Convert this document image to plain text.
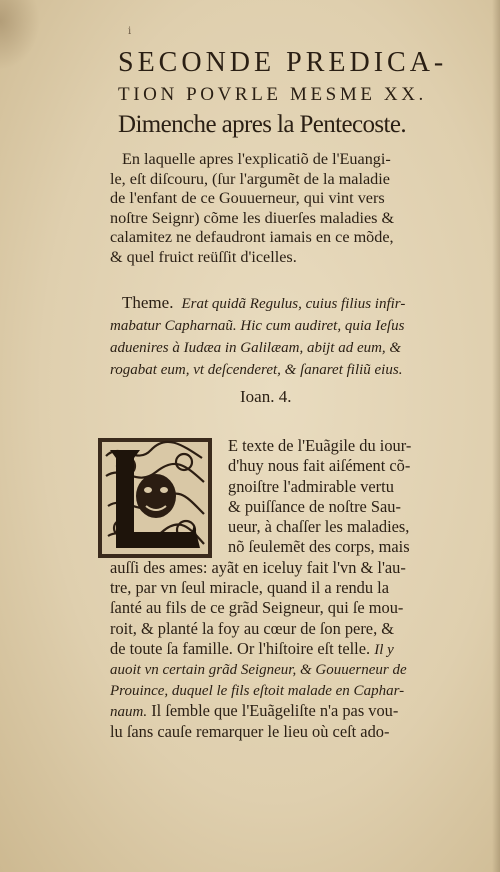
i
SECONDE PREDICA-
TION POVRLE MESME XX.
Dimenche apres la Pentecoste.
En laquelle apres l'explicatiõ de l'Euangi-
le, eſt diſcouru, (ſur l'argumẽt de la maladie
de l'enfant de ce Gouuerneur, qui vint vers
noſtre Seignr) cõme les diuerſes maladies &
calamitez ne defaudront iamais en ce mõde,
& quel fruict reüſſit d'icelles.
Theme. Erat quidã Regulus, cuius filius infir-
mabatur Capharnaũ. Hic cum audiret, quia Ieſus
aduenires à Iudæa in Galilæam, abijt ad eum, &
rogabat eum, vt deſcenderet, & ſanaret filiũ eius.
Ioan. 4.
E texte de l'Euãgile du iour-
d'huy nous fait aiſément cõ-
gnoiſtre l'admirable vertu
& puiſſance de noſtre Sau-
ueur, à chaſſer les maladies,
nõ ſeulemẽt des corps, mais
auſſi des ames: ayãt en iceluy fait l'vn & l'au-
tre, par vn ſeul miracle, quand il a rendu la
ſanté au fils de ce grãd Seigneur, qui ſe mou-
roit, & planté la foy au cœur de ſon pere, &
de toute ſa famille. Or l'hiſtoire eſt telle. Il y
auoit vn certain grãd Seigneur, & Gouuerneur de
Prouince, duquel le fils eſtoit malade en Caphar-
naum. Il ſemble que l'Euãgeliſte n'a pas vou-
lu ſans cauſe remarquer le lieu où ceſt ado-
